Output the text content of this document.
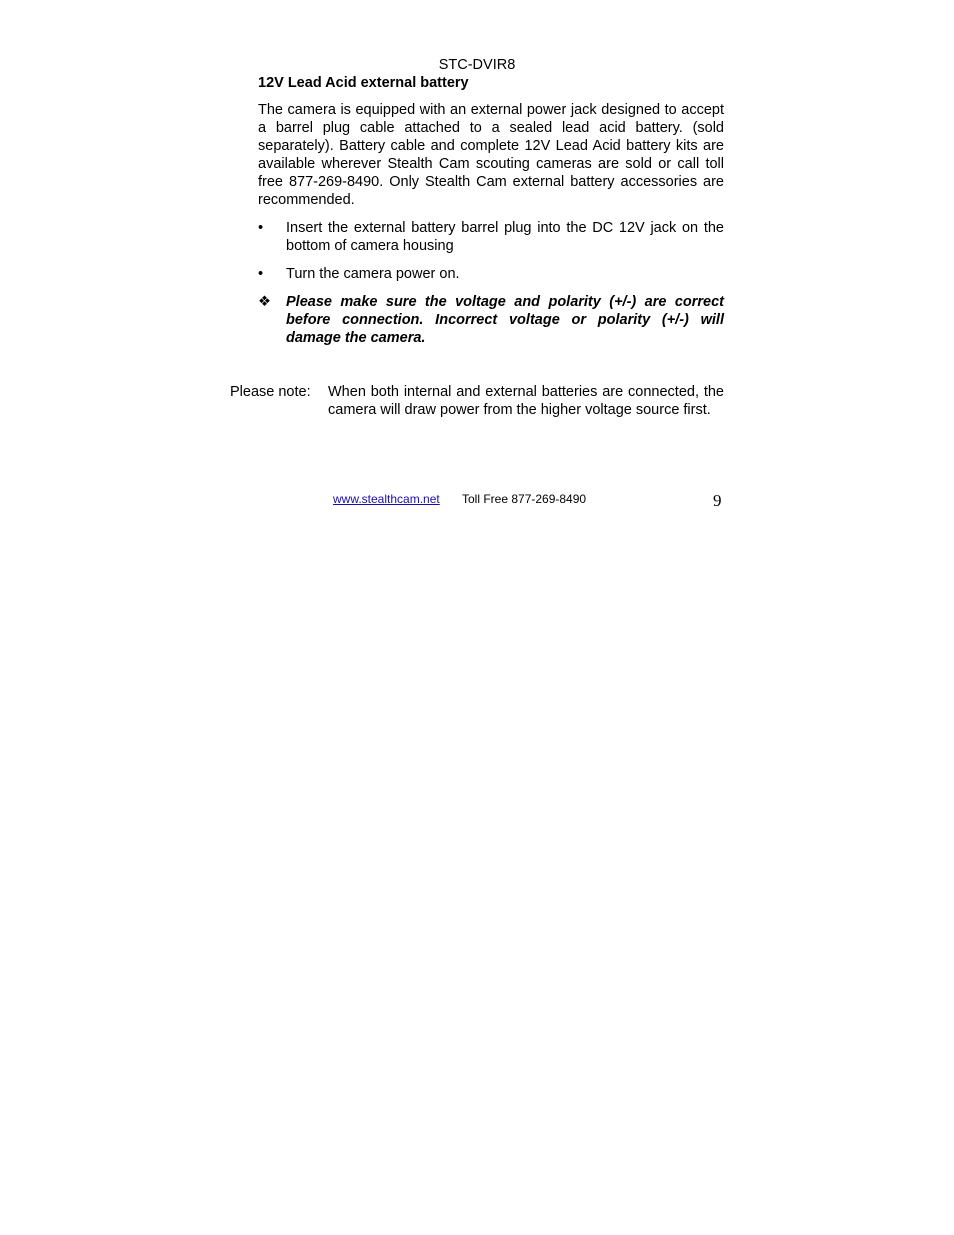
STC-DVIR8
12V Lead Acid external battery

The camera is equipped with an external power jack designed to accept a barrel plug cable attached to a sealed lead acid battery. (sold separately). Battery cable and complete 12V Lead Acid battery kits are available wherever Stealth Cam scouting cameras are sold or call toll free 877-269-8490. Only Stealth Cam external battery accessories are recommended.

• Insert the external battery barrel plug into the DC 12V jack on the bottom of camera housing
• Turn the camera power on.
❖ Please make sure the voltage and polarity (+/-) are correct before connection. Incorrect voltage or polarity (+/-) will damage the camera.
Please note: When both internal and external batteries are connected, the camera will draw power from the higher voltage source first.
www.stealthcam.net Toll Free 877-269-8490	9
